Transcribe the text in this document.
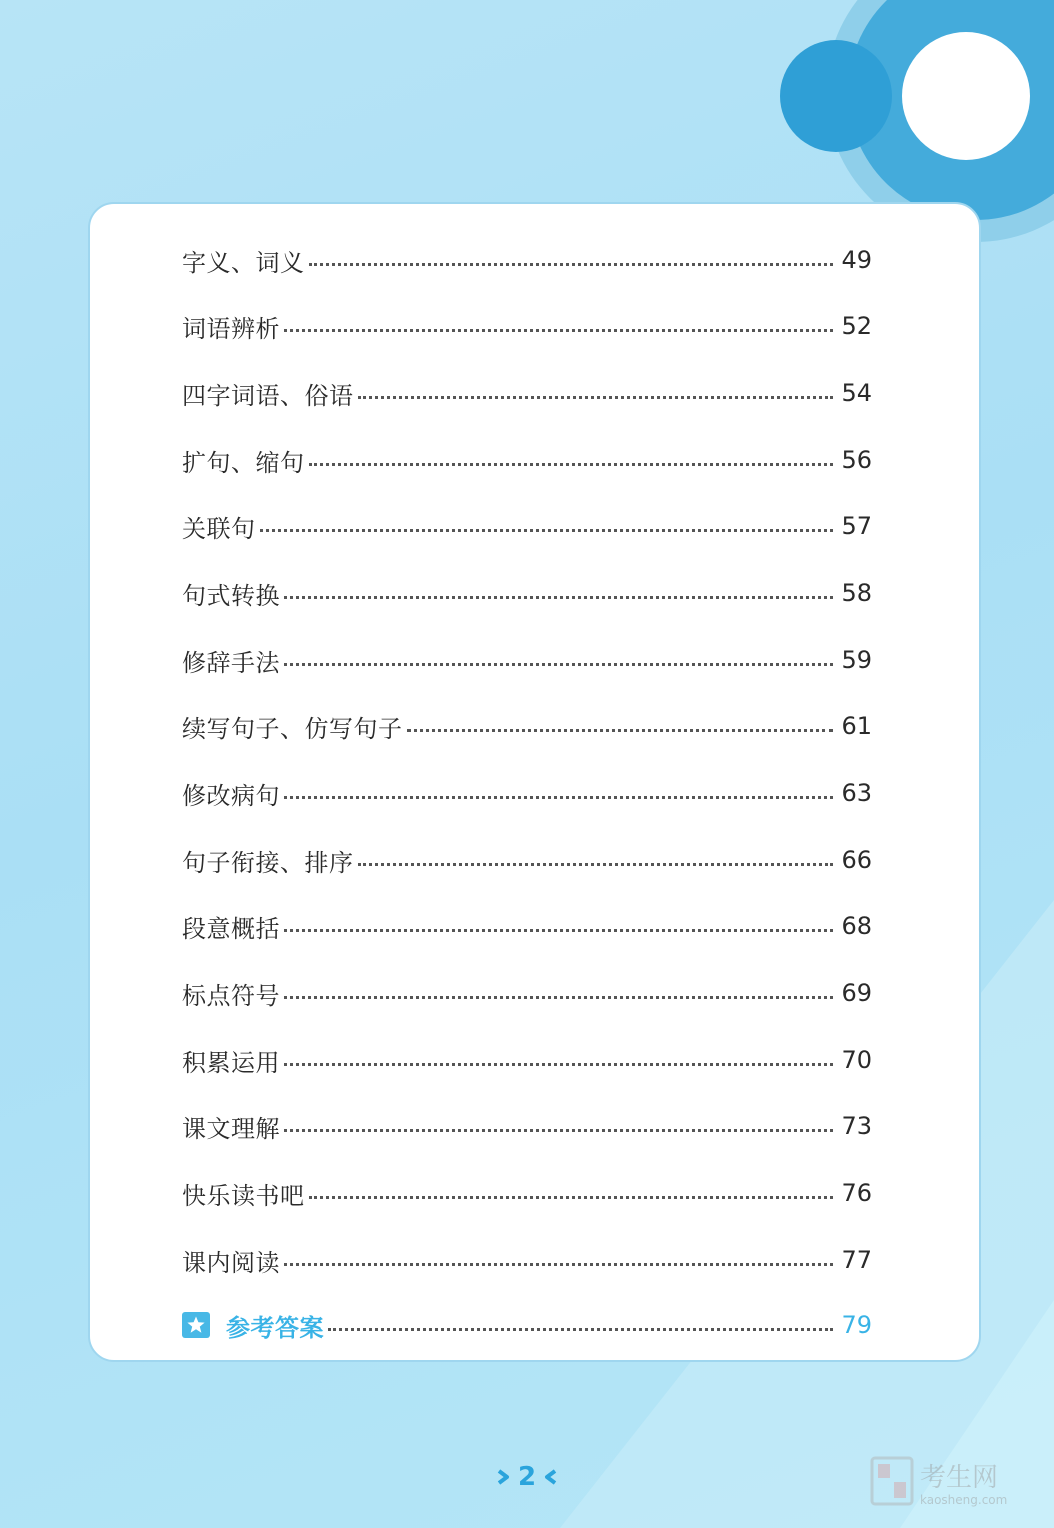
字义、词义	49
词语辨析	52
四字词语、俗语	54
扩句、缩句	56
关联句	57
句式转换	58
修辞手法	59
续写句子、仿写句子	61
修改病句	63
句子衔接、排序	66
段意概括	68
标点符号	69
积累运用	70
课文理解	73
快乐读书吧	76
课内阅读	77
参考答案	79
2	考生网
kaosheng.com
